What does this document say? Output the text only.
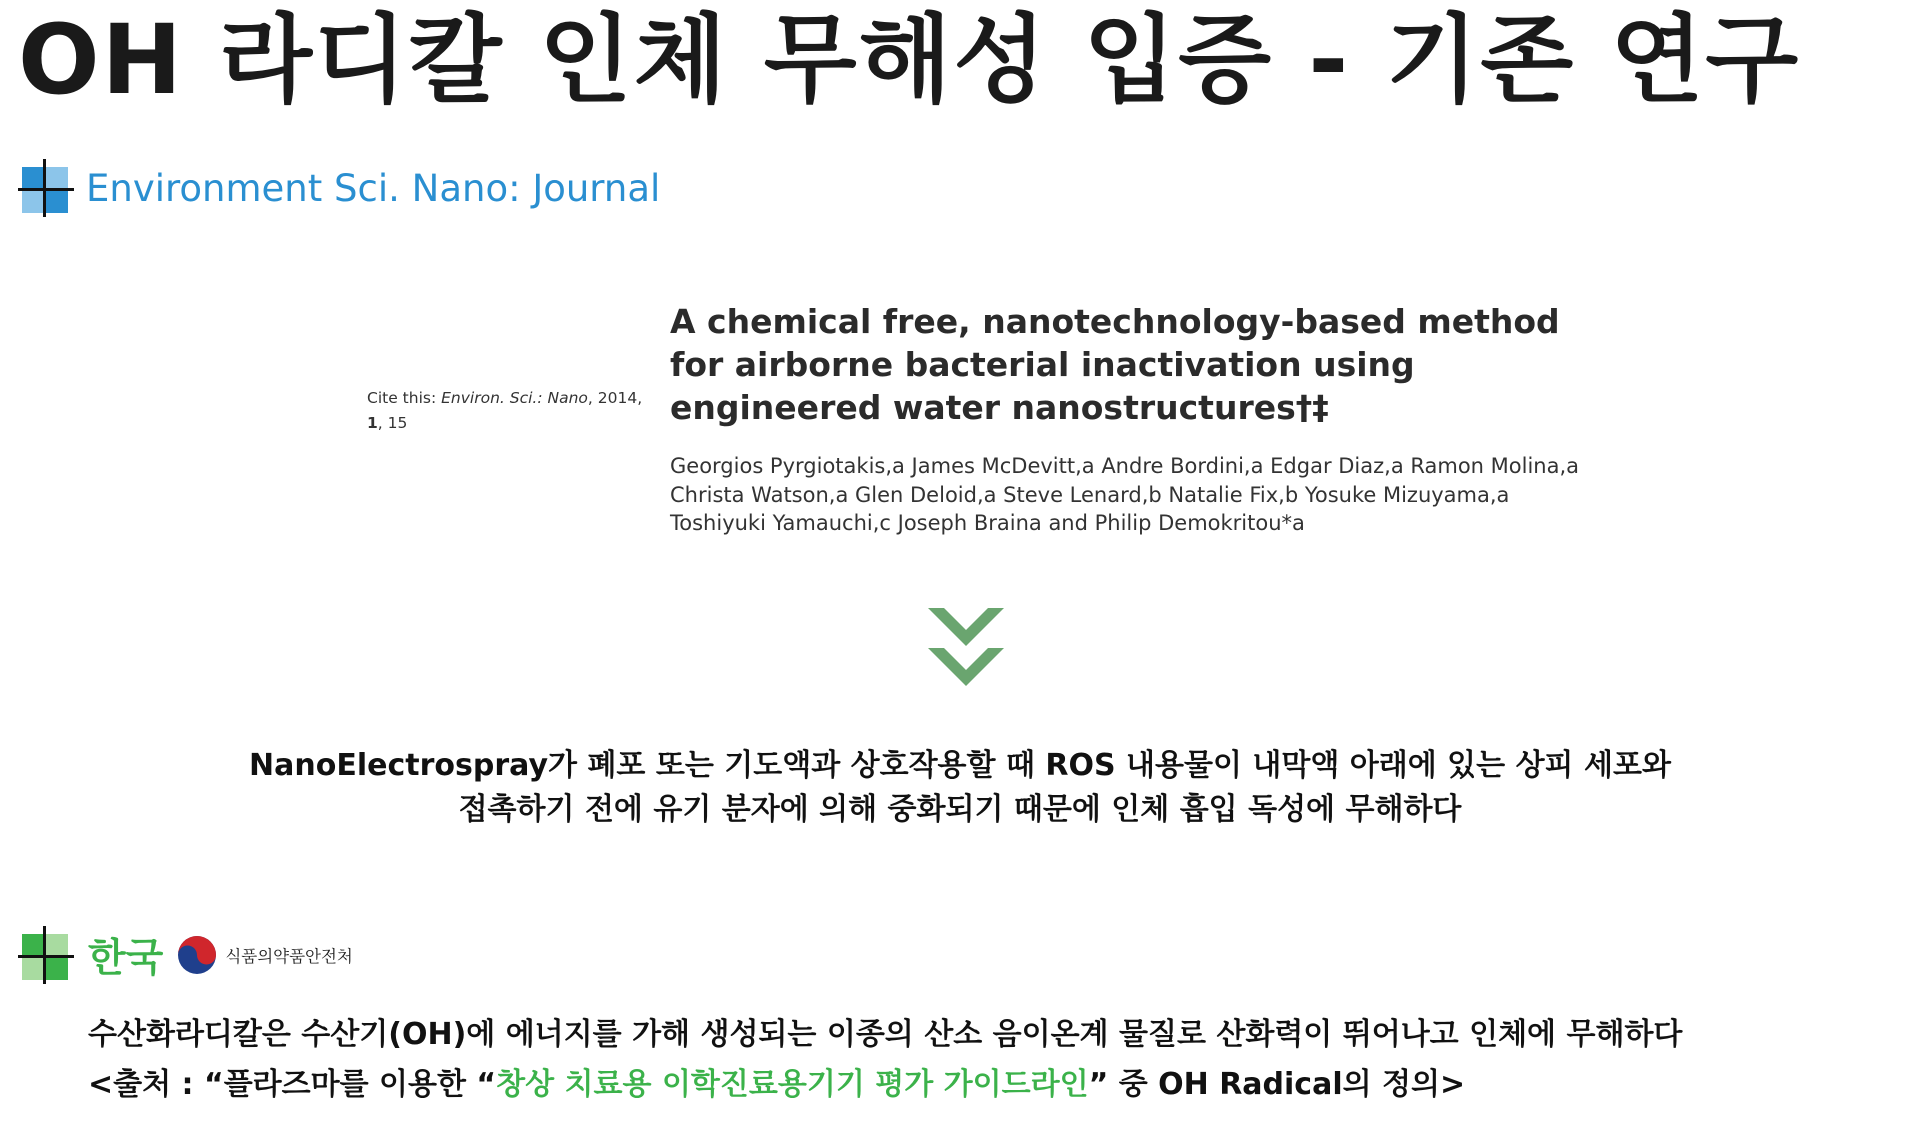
OH 라디칼 인체 무해성 입증 - 기존 연구
Environment Sci. Nano: Journal
Cite this: Environ. Sci.: Nano, 2014,
1, 15
A chemical free, nanotechnology-based method
for airborne bacterial inactivation using
engineered water nanostructures†‡
Georgios Pyrgiotakis,a James McDevitt,a Andre Bordini,a Edgar Diaz,a Ramon Molina,a
Christa Watson,a Glen Deloid,a Steve Lenard,b Natalie Fix,b Yosuke Mizuyama,a
Toshiyuki Yamauchi,c Joseph Braina and Philip Demokritou*a
NanoElectrospray가 폐포 또는 기도액과 상호작용할 때 ROS 내용물이 내막액 아래에 있는 상피 세포와
접촉하기 전에 유기 분자에 의해 중화되기 때문에 인체 흡입 독성에 무해하다
한국	식품의약품안전처
수산화라디칼은 수산기(OH)에 에너지를 가해 생성되는 이종의 산소 음이온계 물질로 산화력이 뛰어나고 인체에 무해하다
<출처 : “플라즈마를 이용한 “창상 치료용 이학진료용기기 평가 가이드라인” 중 OH Radical의 정의>
